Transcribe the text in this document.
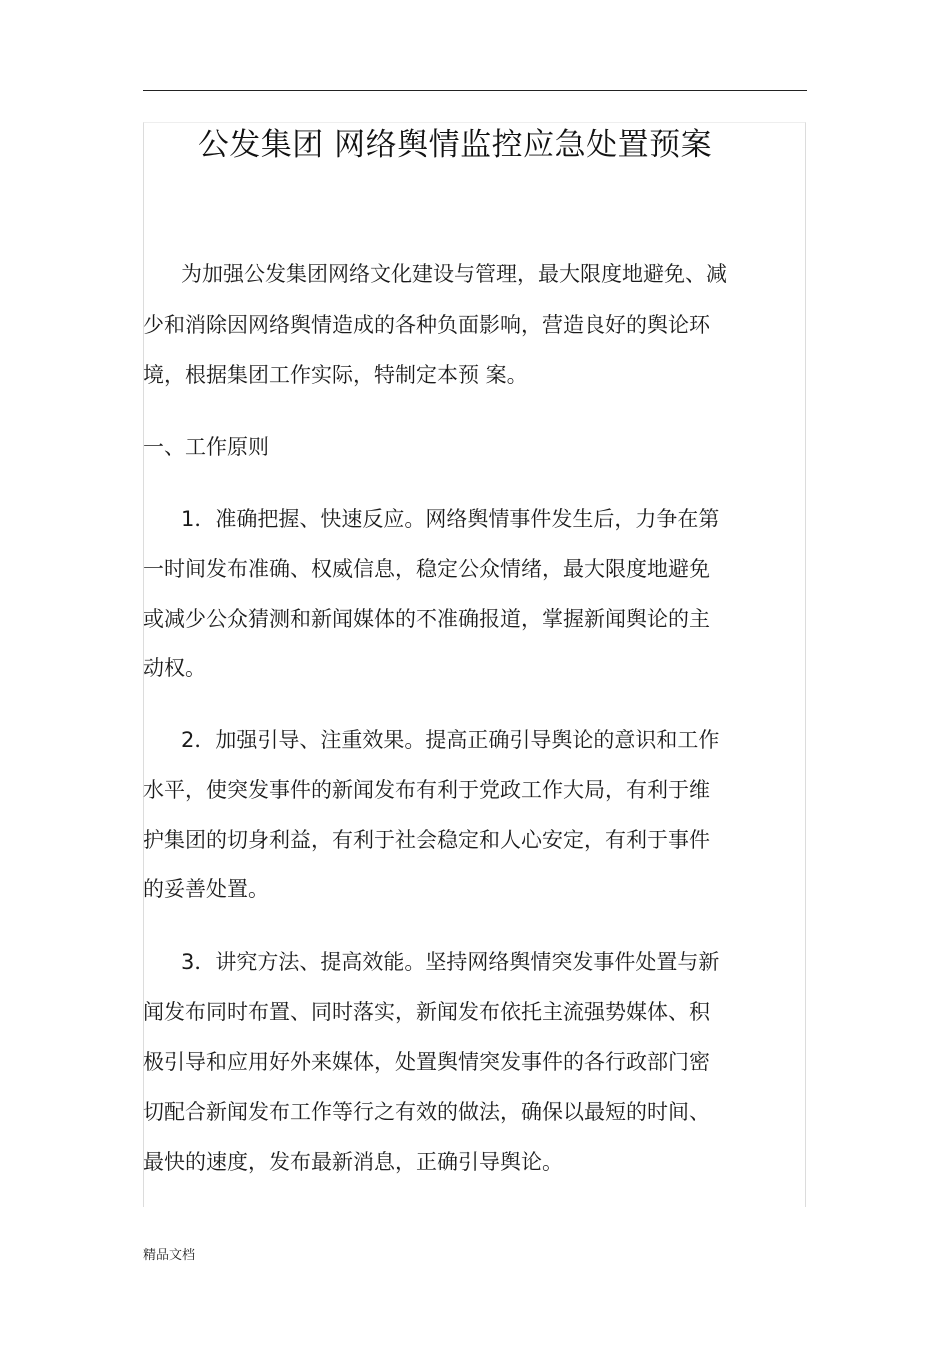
公发集团 网络舆情监控应急处置预案
为加强公发集团网络文化建设与管理，最大限度地避免、减
少和消除因网络舆情造成的各种负面影响，营造良好的舆论环
境，根据集团工作实际，特制定本预 案。
一、工作原则
1．准确把握、快速反应。网络舆情事件发生后，力争在第
一时间发布准确、权威信息，稳定公众情绪，最大限度地避免
或减少公众猜测和新闻媒体的不准确报道，掌握新闻舆论的主
动权。
2．加强引导、注重效果。提高正确引导舆论的意识和工作
水平，使突发事件的新闻发布有利于党政工作大局，有利于维
护集团的切身利益，有利于社会稳定和人心安定，有利于事件
的妥善处置。
3．讲究方法、提高效能。坚持网络舆情突发事件处置与新
闻发布同时布置、同时落实，新闻发布依托主流强势媒体、积
极引导和应用好外来媒体，处置舆情突发事件的各行政部门密
切配合新闻发布工作等行之有效的做法，确保以最短的时间、
最快的速度，发布最新消息，正确引导舆论。
精品文档
